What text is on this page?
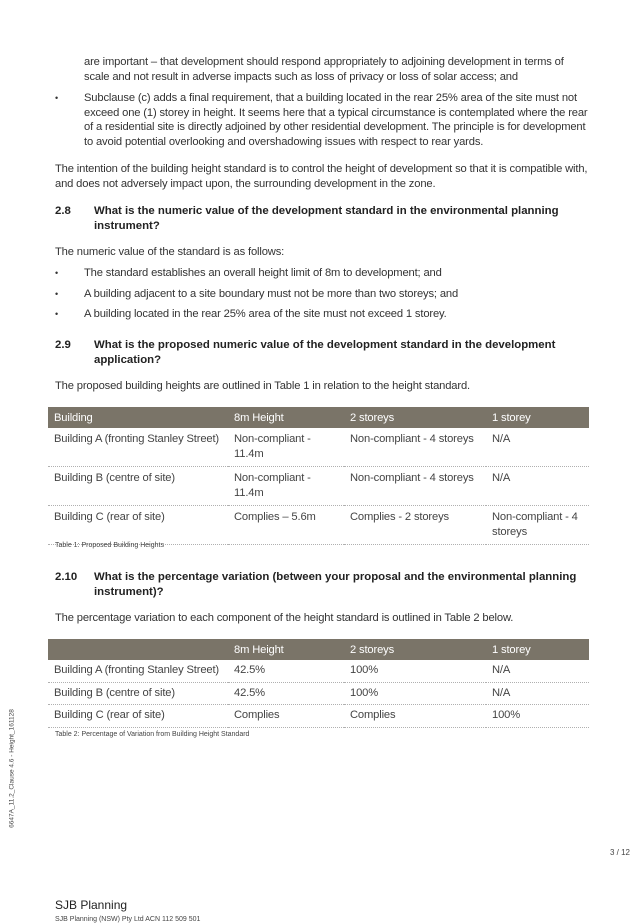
are important – that development should respond appropriately to adjoining development in terms of scale and not result in adverse impacts such as loss of privacy or loss of solar access; and

• Subclause (c) adds a final requirement, that a building located in the rear 25% area of the site must not exceed one (1) storey in height. It seems here that a typical circumstance is contemplated where the rear of a residential site is directly adjoined by other residential development. The principle is for development to avoid potential overlooking and overshadowing issues with respect to rear yards.

The intention of the building height standard is to control the height of development so that it is compatible with, and does not adversely impact upon, the surrounding development in the zone.

2.8 What is the numeric value of the development standard in the environmental planning instrument?

The numeric value of the standard is as follows:

• The standard establishes an overall height limit of 8m to development; and

• A building adjacent to a site boundary must not be more than two storeys; and

• A building located in the rear 25% area of the site must not exceed 1 storey.

2.9 What is the proposed numeric value of the development standard in the development application?

The proposed building heights are outlined in Table 1 in relation to the height standard.

Building	8m Height	2 storeys	1 storey
Building A (fronting Stanley Street)	Non-compliant - 11.4m	Non-compliant - 4 storeys	N/A
Building B (centre of site)	Non-compliant - 11.4m	Non-compliant - 4 storeys	N/A
Building C (rear of site)	Complies – 5.6m	Complies - 2 storeys	Non-compliant - 4 storeys

Table 1: Proposed Building Heights

2.10 What is the percentage variation (between your proposal and the environmental planning instrument)?

The percentage variation to each component of the height standard is outlined in Table 2 below.

	8m Height	2 storeys	1 storey
Building A (fronting Stanley Street)	42.5%	100%	N/A
Building B (centre of site)	42.5%	100%	N/A
Building C (rear of site)	Complies	Complies	100%

Table 2: Percentage of Variation from Building Height Standard

6647A_11.2_Clause 4.6 - Height_161128
3 / 12
SJB Planning
SJB Planning (NSW) Pty Ltd ACN 112 509 501
